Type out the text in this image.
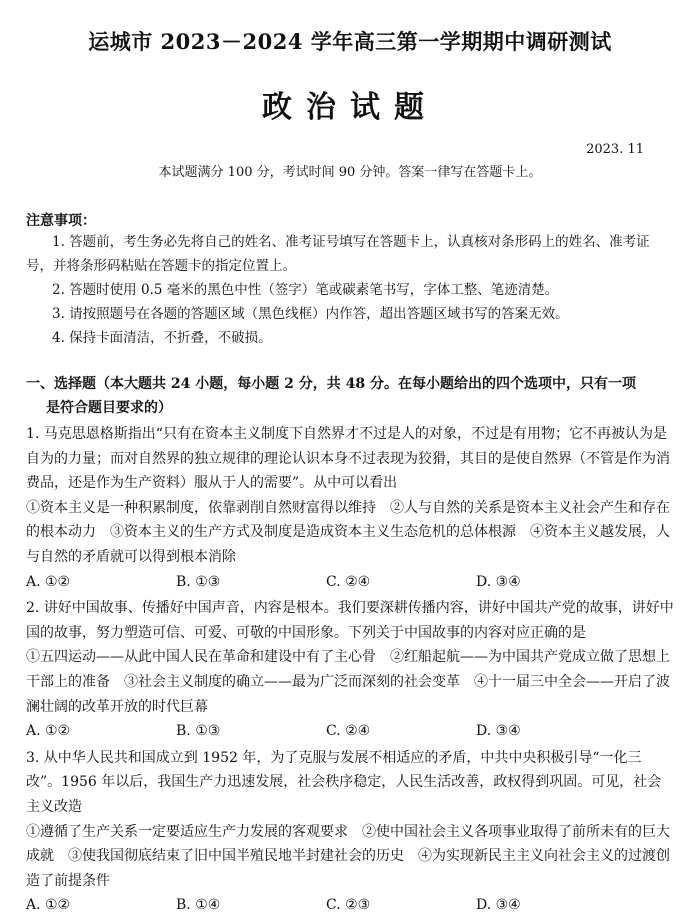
运城市 2023－2024 学年高三第一学期期中调研测试
政治试题
2023. 11
本试题满分 100 分，考试时间 90 分钟。答案一律写在答题卡上。
注意事项：
1. 答题前，考生务必先将自己的姓名、准考证号填写在答题卡上，认真核对条形码上的姓名、准考证号，并将条形码粘贴在答题卡的指定位置上。
2. 答题时使用 0.5 毫米的黑色中性（签字）笔或碳素笔书写，字体工整、笔迹清楚。
3. 请按照题号在各题的答题区域（黑色线框）内作答，超出答题区域书写的答案无效。
4. 保持卡面清洁，不折叠，不破损。
一、选择题（本大题共 24 小题，每小题 2 分，共 48 分。在每小题给出的四个选项中，只有一项
是符合题目要求的）
1. 马克思恩格斯指出“只有在资本主义制度下自然界才不过是人的对象，不过是有用物；它不再被认为是自为的力量；而对自然界的独立规律的理论认识本身不过表现为狡猾，其目的是使自然界（不管是作为消费品，还是作为生产资料）服从于人的需要”。从中可以看出
①资本主义是一种积累制度，依靠剥削自然财富得以维持　②人与自然的关系是资本主义社会产生和存在的根本动力　③资本主义的生产方式及制度是造成资本主义生态危机的总体根源　④资本主义越发展，人与自然的矛盾就可以得到根本消除
A. ①②	B. ①③	C. ②④	D. ③④
2. 讲好中国故事、传播好中国声音，内容是根本。我们要深耕传播内容，讲好中国共产党的故事，讲好中国的故事，努力塑造可信、可爱、可敬的中国形象。下列关于中国故事的内容对应正确的是
①五四运动——从此中国人民在革命和建设中有了主心骨　②红船起航——为中国共产党成立做了思想上干部上的准备　③社会主义制度的确立——最为广泛而深刻的社会变革　④十一届三中全会——开启了波澜壮阔的改革开放的时代巨幕
A. ①②	B. ①③	C. ②④	D. ③④
3. 从中华人民共和国成立到 1952 年，为了克服与发展不相适应的矛盾，中共中央积极引导“一化三改”。1956 年以后，我国生产力迅速发展，社会秩序稳定，人民生活改善，政权得到巩固。可见，社会主义改造
①遵循了生产关系一定要适应生产力发展的客观要求　②使中国社会主义各项事业取得了前所未有的巨大成就　③使我国彻底结束了旧中国半殖民地半封建社会的历史　④为实现新民主主义向社会主义的过渡创造了前提条件
A. ①②	B. ①④	C. ②③	D. ③④
